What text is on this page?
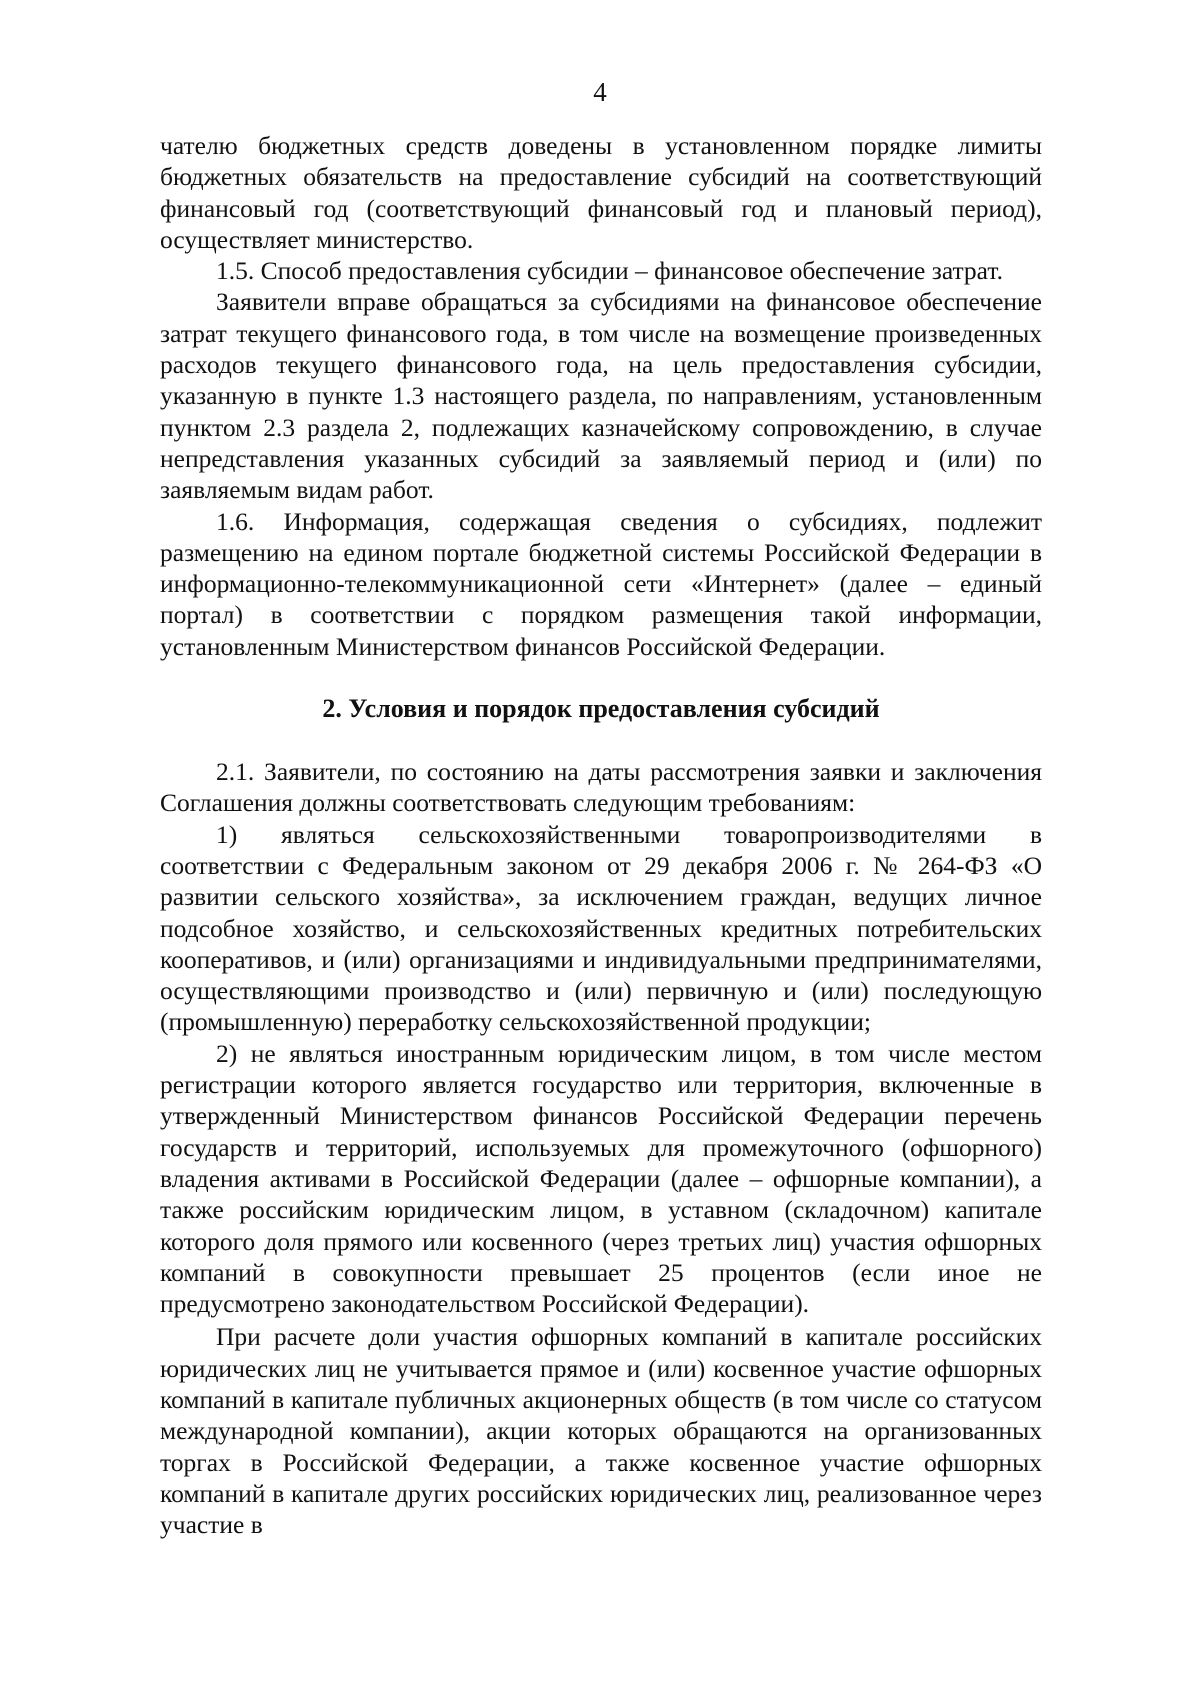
4

чателю бюджетных средств доведены в установленном порядке лимиты бюджетных обязательств на предоставление субсидий на соответствующий финансовый год (соответствующий финансовый год и плановый период), осуществляет министерство.

1.5. Способ предоставления субсидии – финансовое обеспечение затрат.

Заявители вправе обращаться за субсидиями на финансовое обеспечение затрат текущего финансового года, в том числе на возмещение произведенных расходов текущего финансового года, на цель предоставления субсидии, указанную в пункте 1.3 настоящего раздела, по направлениям, установленным пунктом 2.3 раздела 2, подлежащих казначейскому сопровождению, в случае непредставления указанных субсидий за заявляемый период и (или) по заявляемым видам работ.

1.6. Информация, содержащая сведения о субсидиях, подлежит размещению на едином портале бюджетной системы Российской Федерации в информационно-телекоммуникационной сети «Интернет» (далее – единый портал) в соответствии с порядком размещения такой информации, установленным Министерством финансов Российской Федерации.

2. Условия и порядок предоставления субсидий

2.1. Заявители, по состоянию на даты рассмотрения заявки и заключения Соглашения должны соответствовать следующим требованиям:

1) являться сельскохозяйственными товаропроизводителями в соответствии с Федеральным законом от 29 декабря 2006 г. № 264-ФЗ «О развитии сельского хозяйства», за исключением граждан, ведущих личное подсобное хозяйство, и сельскохозяйственных кредитных потребительских кооперативов, и (или) организациями и индивидуальными предпринимателями, осуществляющими производство и (или) первичную и (или) последующую (промышленную) переработку сельскохозяйственной продукции;

2) не являться иностранным юридическим лицом, в том числе местом регистрации которого является государство или территория, включенные в утвержденный Министерством финансов Российской Федерации перечень государств и территорий, используемых для промежуточного (офшорного) владения активами в Российской Федерации (далее – офшорные компании), а также российским юридическим лицом, в уставном (складочном) капитале которого доля прямого или косвенного (через третьих лиц) участия офшорных компаний в совокупности превышает 25 процентов (если иное не предусмотрено законодательством Российской Федерации).

При расчете доли участия офшорных компаний в капитале российских юридических лиц не учитывается прямое и (или) косвенное участие офшорных компаний в капитале публичных акционерных обществ (в том числе со статусом международной компании), акции которых обращаются на организованных торгах в Российской Федерации, а также косвенное участие офшорных компаний в капитале других российских юридических лиц, реализованное через участие в
